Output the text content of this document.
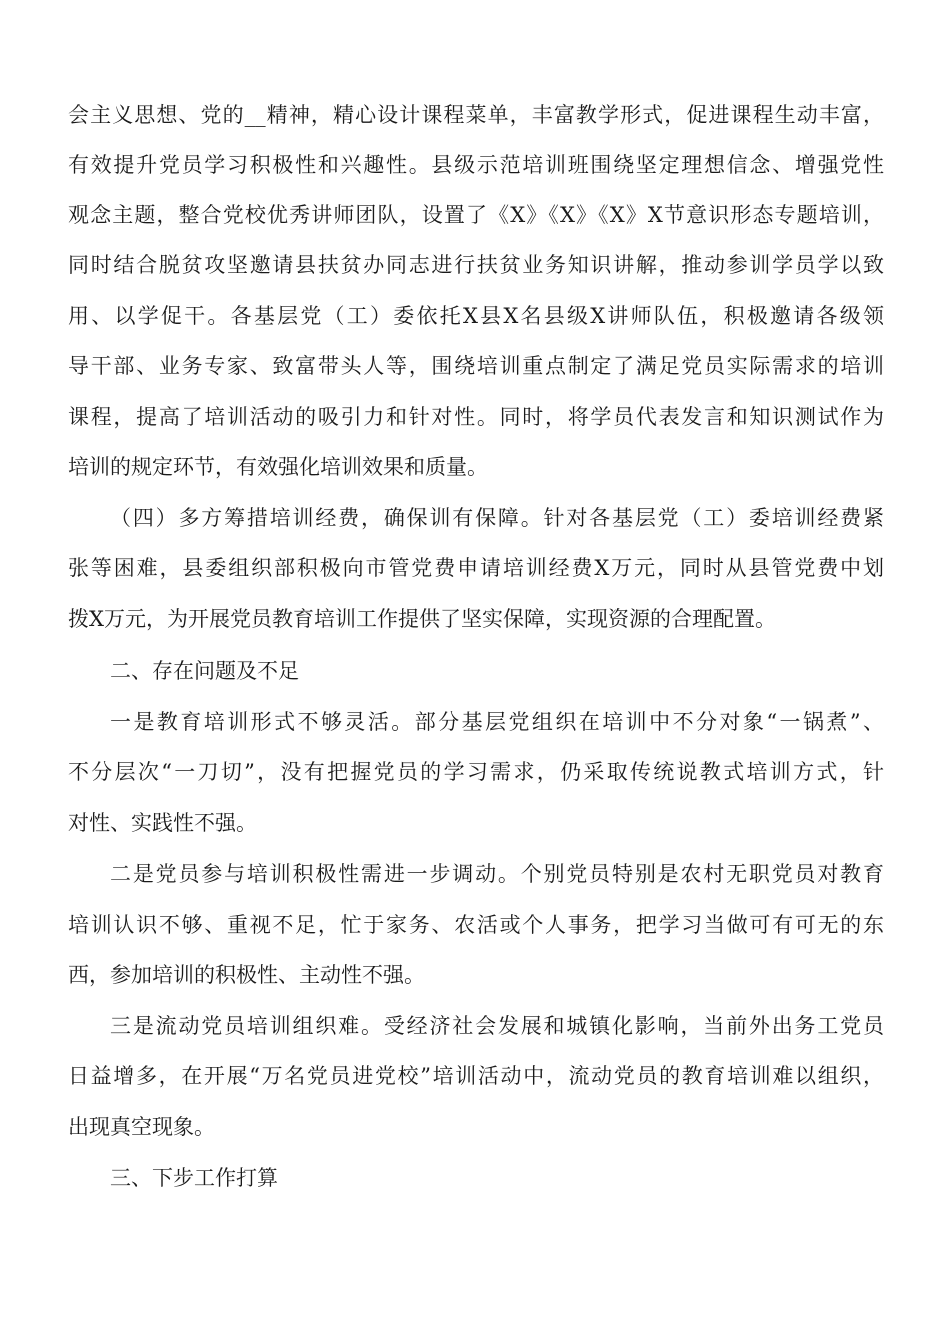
会主义思想、党的__精神，精心设计课程菜单，丰富教学形式，促进课程生动丰富，
有效提升党员学习积极性和兴趣性。县级示范培训班围绕坚定理想信念、增强党性
观念主题，整合党校优秀讲师团队，设置了《X》《X》《X》X节意识形态专题培训，
同时结合脱贫攻坚邀请县扶贫办同志进行扶贫业务知识讲解，推动参训学员学以致
用、以学促干。各基层党（工）委依托X县X名县级X讲师队伍，积极邀请各级领
导干部、业务专家、致富带头人等，围绕培训重点制定了满足党员实际需求的培训
课程，提高了培训活动的吸引力和针对性。同时，将学员代表发言和知识测试作为
培训的规定环节，有效强化培训效果和质量。
（四）多方筹措培训经费，确保训有保障。针对各基层党（工）委培训经费紧
张等困难，县委组织部积极向市管党费申请培训经费X万元，同时从县管党费中划
拨X万元，为开展党员教育培训工作提供了坚实保障，实现资源的合理配置。
二、存在问题及不足
一是教育培训形式不够灵活。部分基层党组织在培训中不分对象“一锅煮”、
不分层次“一刀切”，没有把握党员的学习需求，仍采取传统说教式培训方式，针
对性、实践性不强。
二是党员参与培训积极性需进一步调动。个别党员特别是农村无职党员对教育
培训认识不够、重视不足，忙于家务、农活或个人事务，把学习当做可有可无的东
西，参加培训的积极性、主动性不强。
三是流动党员培训组织难。受经济社会发展和城镇化影响，当前外出务工党员
日益增多，在开展“万名党员进党校”培训活动中，流动党员的教育培训难以组织，
出现真空现象。
三、下步工作打算
